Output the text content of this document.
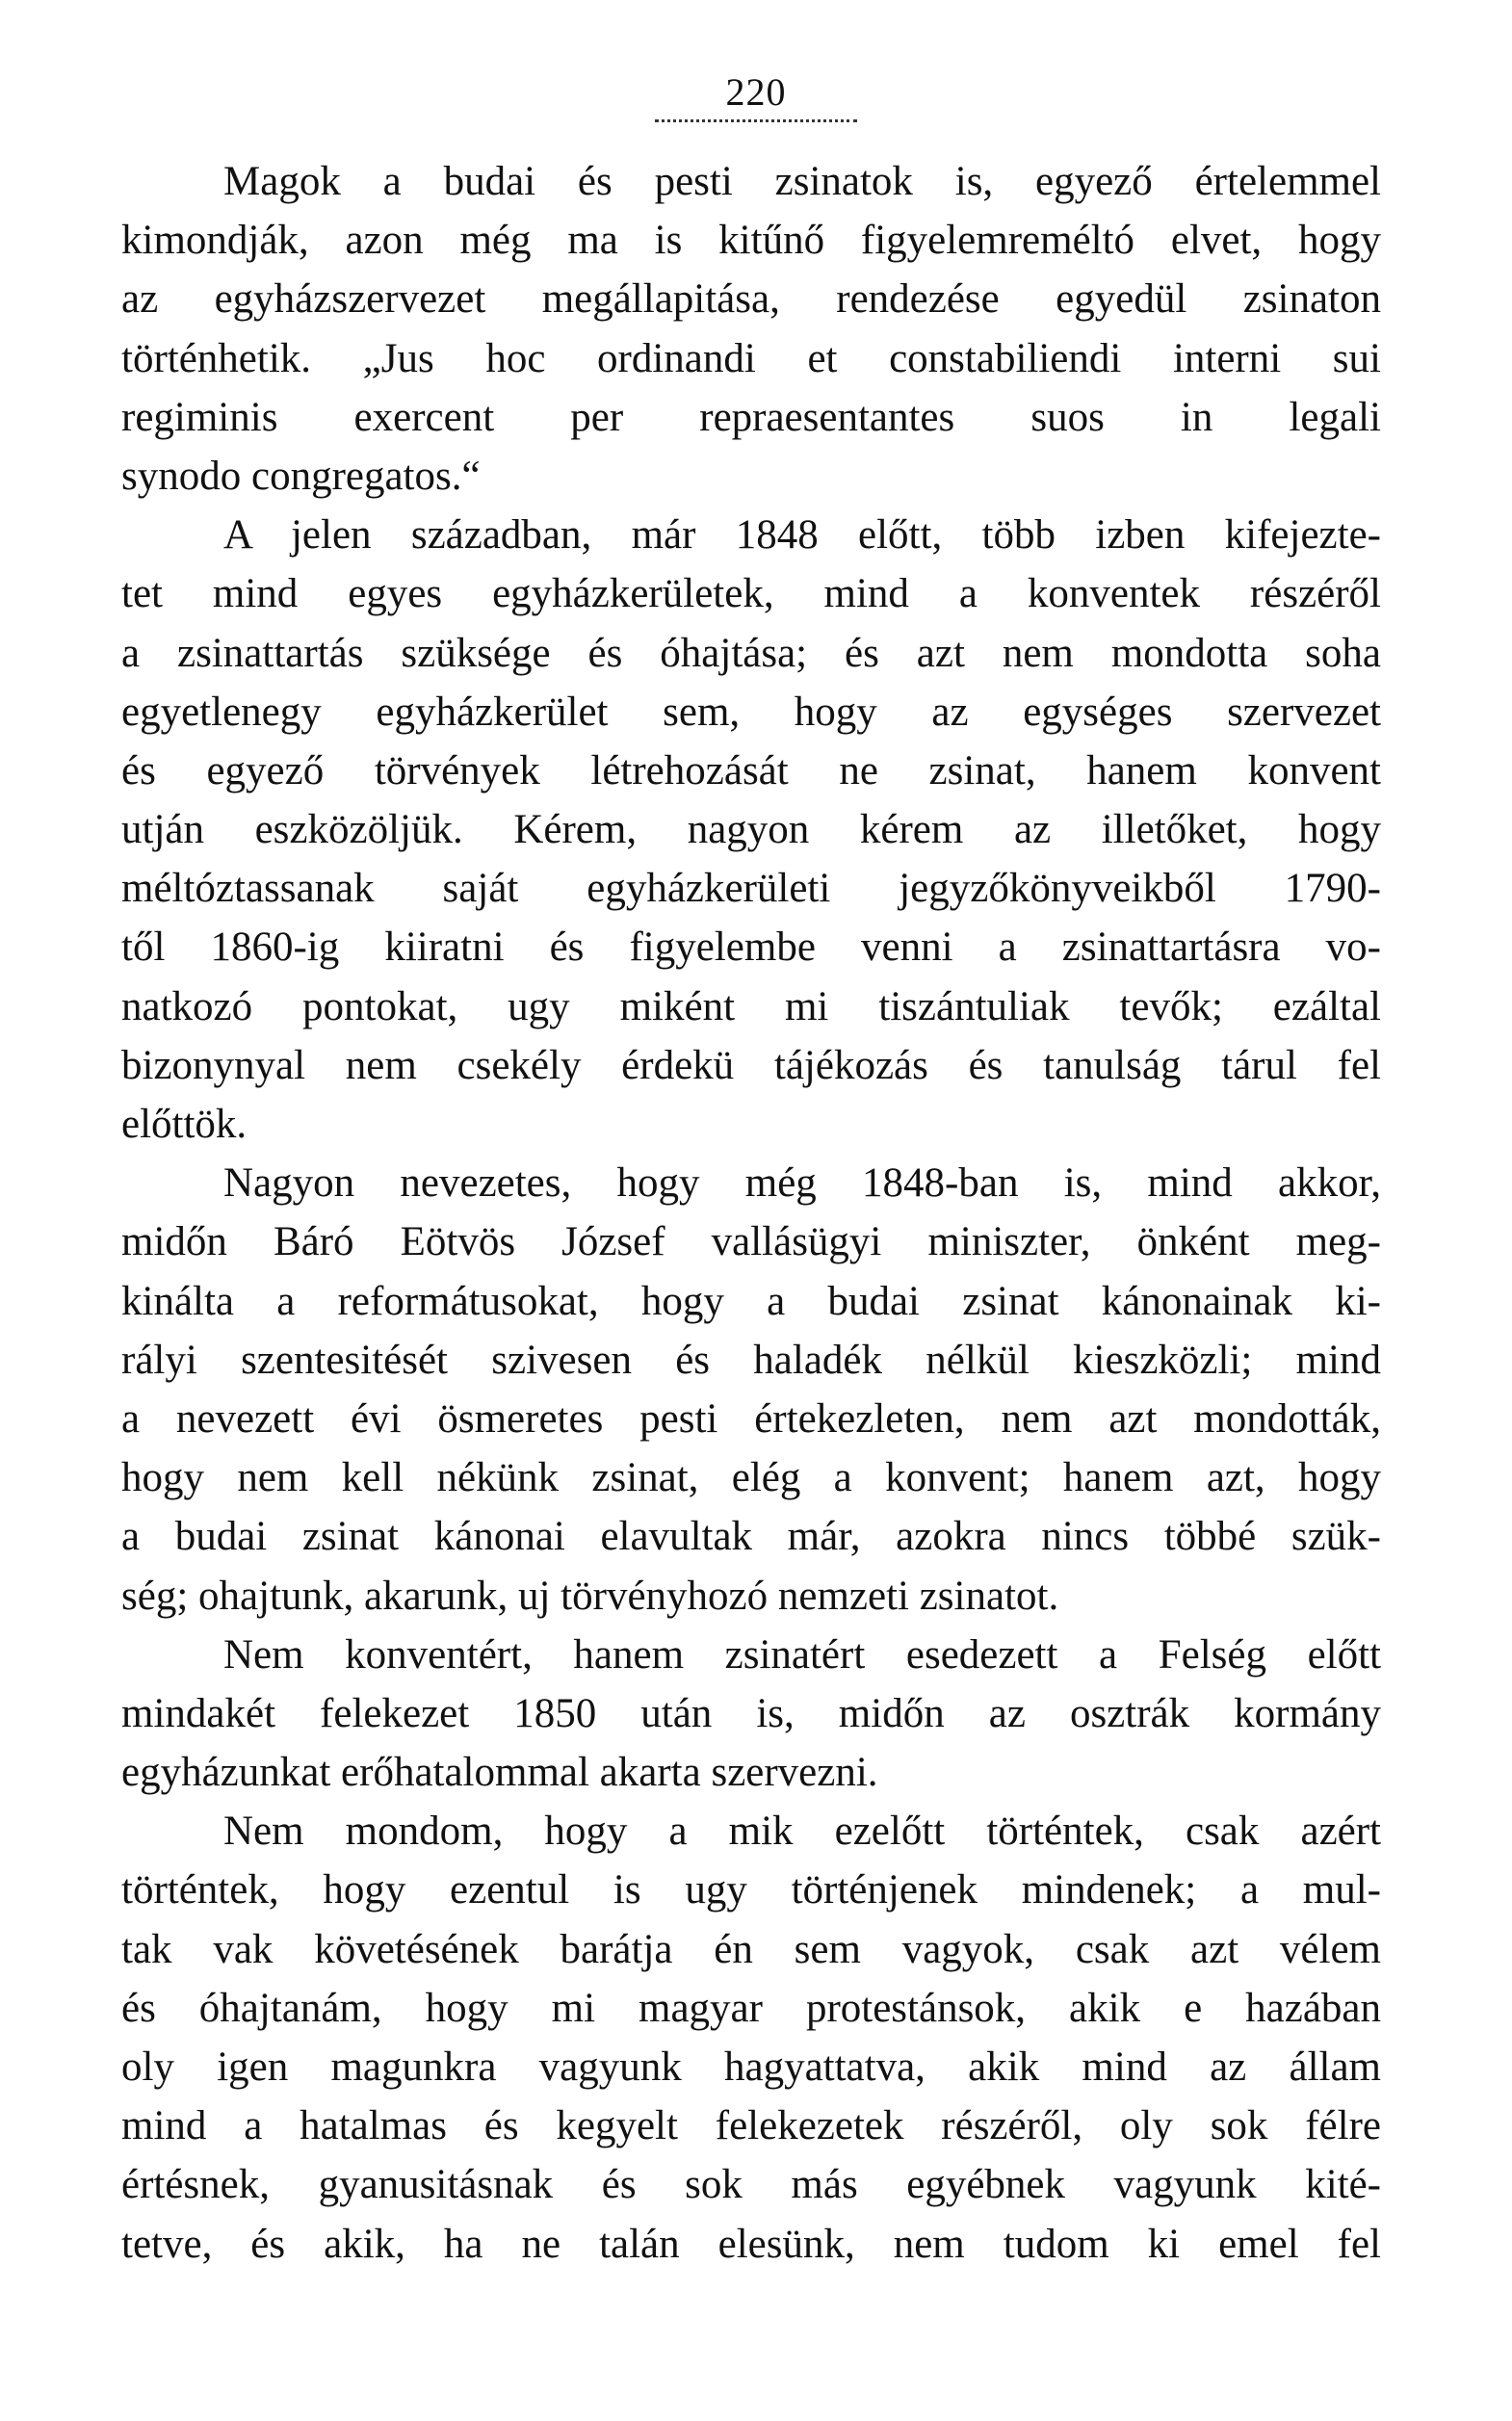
220

Magok a budai és pesti zsinatok is, egyező értelemmel
kimondják, azon még ma is kitűnő figyelemreméltó elvet, hogy
az egyházszervezet megállapitása, rendezése egyedül zsinaton
történhetik. „Jus hoc ordinandi et constabiliendi interni sui
regiminis exercent per repraesentantes suos in legali
synodo congregatos.“

A jelen században, már 1848 előtt, több izben kifejezte-
tet mind egyes egyházkerületek, mind a konventek részéről
a zsinattartás szüksége és óhajtása; és azt nem mondotta soha
egyetlenegy egyházkerület sem, hogy az egységes szervezet
és egyező törvények létrehozását ne zsinat, hanem konvent
utján eszközöljük. Kérem, nagyon kérem az illetőket, hogy
méltóztassanak saját egyházkerületi jegyzőkönyveikből 1790-
től 1860-ig kiiratni és figyelembe venni a zsinattartásra vo-
natkozó pontokat, ugy miként mi tiszántuliak tevők; ezáltal
bizonynyal nem csekély érdekü tájékozás és tanulság tárul fel
előttök.

Nagyon nevezetes, hogy még 1848-ban is, mind akkor,
midőn Báró Eötvös József vallásügyi miniszter, önként meg-
kinálta a reformátusokat, hogy a budai zsinat kánonainak ki-
rályi szentesitését szivesen és haladék nélkül kieszközli; mind
a nevezett évi ösmeretes pesti értekezleten, nem azt mondották,
hogy nem kell nékünk zsinat, elég a konvent; hanem azt, hogy
a budai zsinat kánonai elavultak már, azokra nincs többé szük-
ség; ohajtunk, akarunk, uj törvényhozó nemzeti zsinatot.

Nem konventért, hanem zsinatért esedezett a Felség előtt
mindakét felekezet 1850 után is, midőn az osztrák kormány
egyházunkat erőhatalommal akarta szervezni.

Nem mondom, hogy a mik ezelőtt történtek, csak azért
történtek, hogy ezentul is ugy történjenek mindenek; a mul-
tak vak követésének barátja én sem vagyok, csak azt vélem
és óhajtanám, hogy mi magyar protestánsok, akik e hazában
oly igen magunkra vagyunk hagyattatva, akik mind az állam
mind a hatalmas és kegyelt felekezetek részéről, oly sok félre
értésnek, gyanusitásnak és sok más egyébnek vagyunk kité-
tetve, és akik, ha ne talán elesünk, nem tudom ki emel fel
